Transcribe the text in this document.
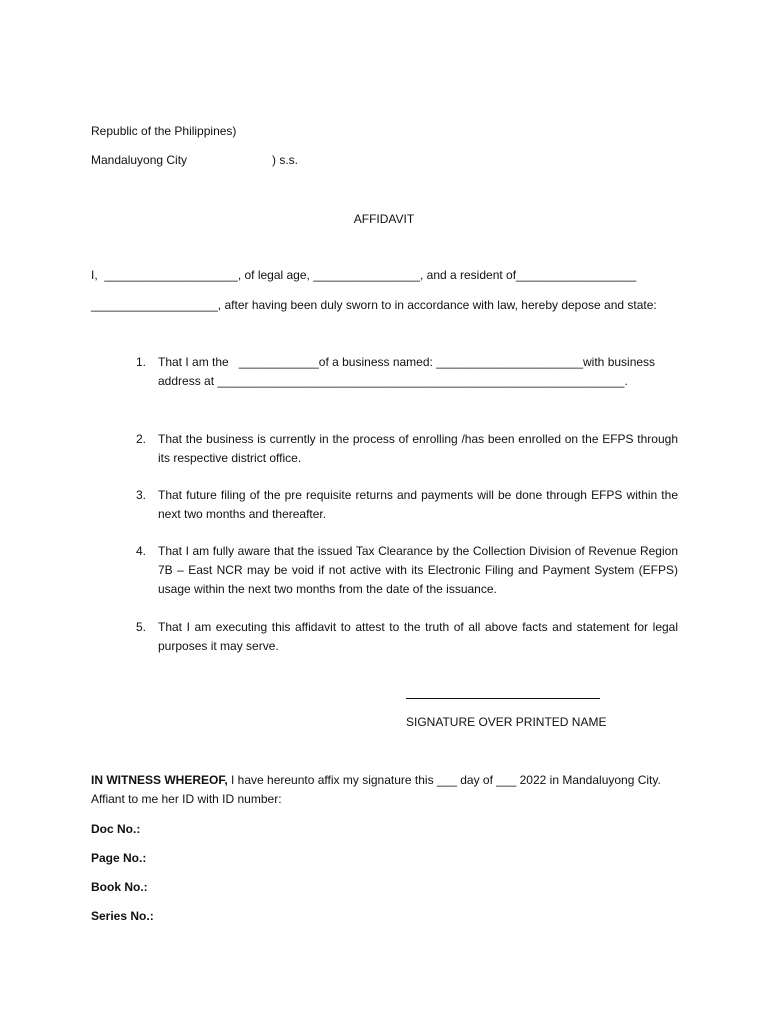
Republic of the Philippines)
Mandaluyong City	) s.s.
AFFIDAVIT
I,  ____________________, of legal age, ________________, and a resident of__________________
___________________, after having been duly sworn to in accordance with law, hereby depose and state:
1. That I am the   ____________of a business named: ______________________with business
address at _____________________________________________________________.
2. That the business is currently in the process of enrolling /has been enrolled on the EFPS through its respective district office.
3. That future filing of the pre requisite returns and payments will be done through EFPS within the next two months and thereafter.
4. That I am fully aware that the issued Tax Clearance by the Collection Division of Revenue Region 7B – East NCR may be void if not active with its Electronic Filing and Payment System (EFPS) usage within the next two months from the date of the issuance.
5. That I am executing this affidavit to attest to the truth of all above facts and statement for legal purposes it may serve.
SIGNATURE OVER PRINTED NAME
IN WITNESS WHEREOF, I have hereunto affix my signature this ___ day of ___ 2022 in Mandaluyong City.
Affiant to me her ID with ID number:
Doc No.:
Page No.:
Book No.:
Series No.:
